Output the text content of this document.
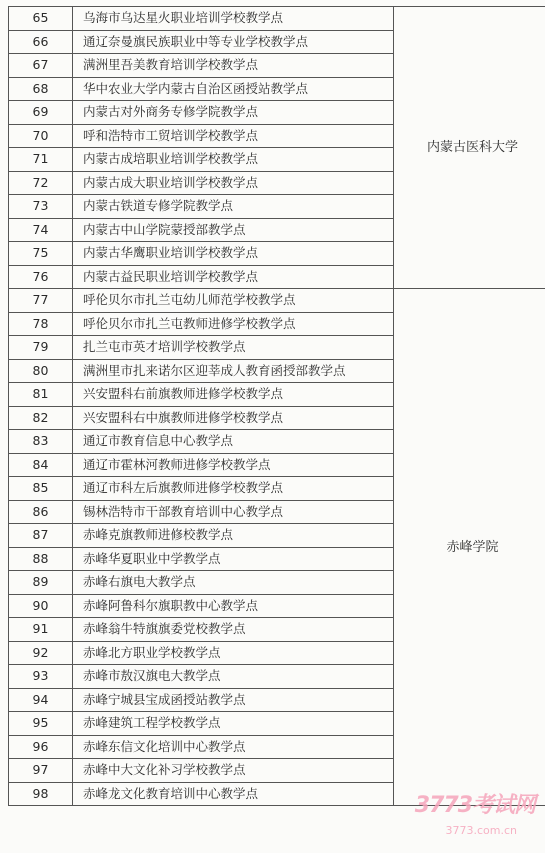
65	乌海市乌达星火职业培训学校教学点	内蒙古医科大学
66	通辽奈曼旗民族职业中等专业学校教学点	
67	满洲里吾美教育培训学校教学点	
68	华中农业大学内蒙古自治区函授站教学点	
69	内蒙古对外商务专修学院教学点	
70	呼和浩特市工贸培训学校教学点	
71	内蒙古成培职业培训学校教学点	
72	内蒙古成大职业培训学校教学点	
73	内蒙古铁道专修学院教学点	
74	内蒙古中山学院蒙授部教学点	
75	内蒙古华鹰职业培训学校教学点	
76	内蒙古益民职业培训学校教学点	
77	呼伦贝尔市扎兰屯幼儿师范学校教学点	赤峰学院
78	呼伦贝尔市扎兰屯教师进修学校教学点	
79	扎兰屯市英才培训学校教学点	
80	满洲里市扎来诺尔区迎莘成人教育函授部教学点	
81	兴安盟科右前旗教师进修学校教学点	
82	兴安盟科右中旗教师进修学校教学点	
83	通辽市教育信息中心教学点	
84	通辽市霍林河教师进修学校教学点	
85	通辽市科左后旗教师进修学校教学点	
86	锡林浩特市干部教育培训中心教学点	
87	赤峰克旗教师进修校教学点	
88	赤峰华夏职业中学教学点	
89	赤峰右旗电大教学点	
90	赤峰阿鲁科尔旗职教中心教学点	
91	赤峰翁牛特旗旗委党校教学点	
92	赤峰北方职业学校教学点	
93	赤峰市敖汉旗电大教学点	
94	赤峰宁城县宝成函授站教学点	
95	赤峰建筑工程学校教学点	
96	赤峰东信文化培训中心教学点	
97	赤峰中大文化补习学校教学点	
98	赤峰龙文化教育培训中心教学点		3773考试网
3773.com.cn
